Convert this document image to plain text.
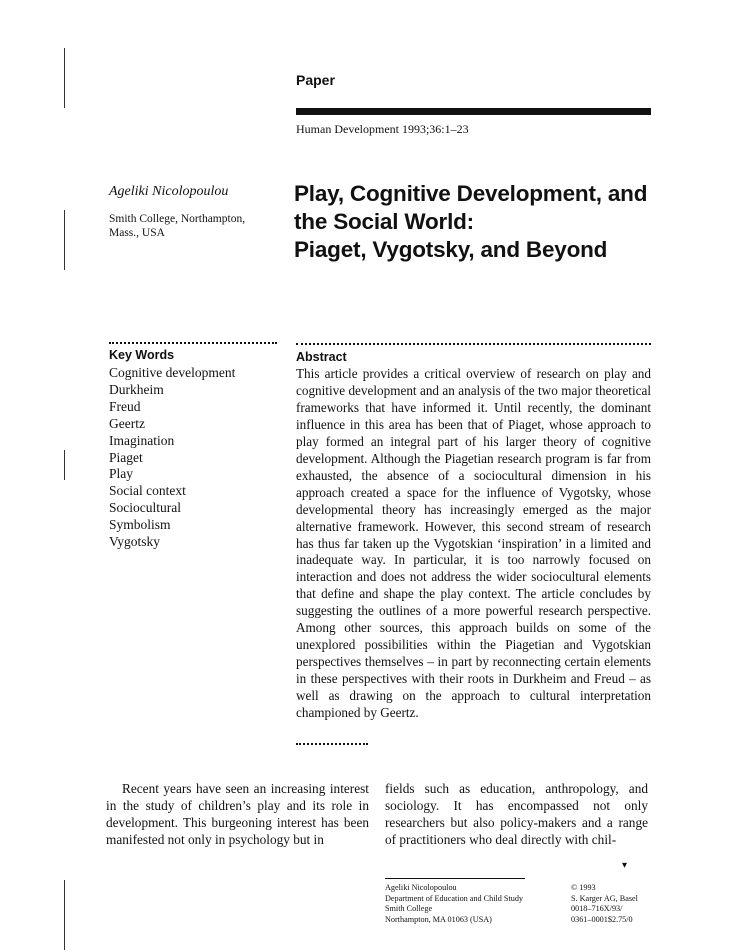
Paper
Human Development 1993;36:1–23
Ageliki Nicolopoulou
Smith College, Northampton,
Mass., USA
Play, Cognitive Development, and
the Social World:
Piaget, Vygotsky, and Beyond
Key Words
Cognitive development
Durkheim
Freud
Geertz
Imagination
Piaget
Play
Social context
Sociocultural
Symbolism
Vygotsky
Abstract
This article provides a critical overview of research on play and cognitive development and an analysis of the two major theoretical frameworks that have informed it. Until recently, the dominant influence in this area has been that of Piaget, whose approach to play formed an integral part of his larger theory of cognitive development. Although the Piagetian research program is far from exhausted, the absence of a sociocultural dimension in his approach created a space for the influence of Vygotsky, whose developmental theory has increasingly emerged as the major alternative framework. However, this second stream of research has thus far taken up the Vygotskian ‘inspiration’ in a limited and inadequate way. In particular, it is too narrowly focused on interaction and does not address the wider sociocultural elements that define and shape the play context. The article concludes by suggesting the outlines of a more powerful research perspective. Among other sources, this approach builds on some of the unexplored possibilities within the Piagetian and Vygotskian perspectives themselves – in part by reconnecting certain elements in these perspectives with their roots in Durkheim and Freud – as well as drawing on the approach to cultural interpretation championed by Geertz.
Recent years have seen an increasing interest in the study of children’s play and its role in development. This burgeoning interest has been manifested not only in psychology but in
fields such as education, anthropology, and sociology. It has encompassed not only researchers but also policy-makers and a range of practitioners who deal directly with chil-
▾
Ageliki Nicolopoulou
Department of Education and Child Study
Smith College
Northampton, MA 01063 (USA)
© 1993
S. Karger AG, Basel
0018–716X/93/
0361–0001$2.75/0
